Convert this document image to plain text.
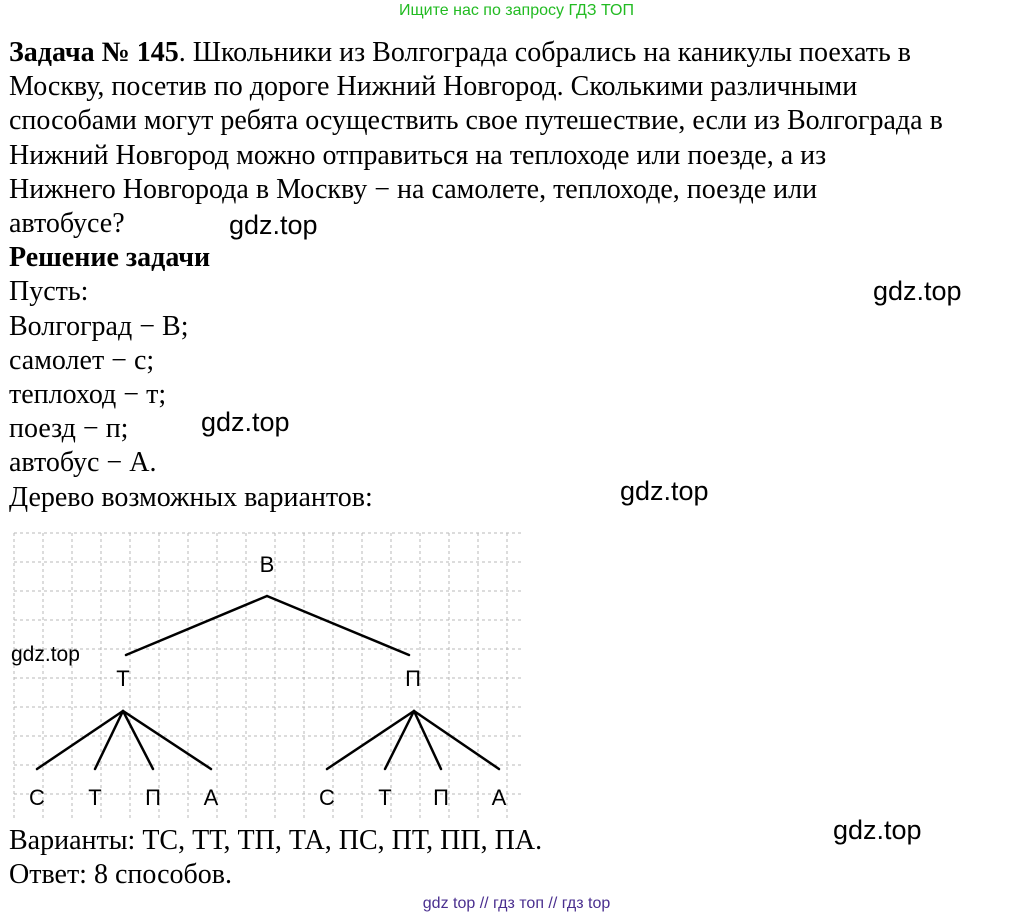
Ищите нас по запросу ГДЗ ТОП
Задача № 145. Школьники из Волгограда собрались на каникулы поехать в
Москву, посетив по дороге Нижний Новгород. Сколькими различными
способами могут ребята осуществить свое путешествие, если из Волгограда в
Нижний Новгород можно отправиться на теплоходе или поезде, а из
Нижнего Новгорода в Москву − на самолете, теплоходе, поезде или
автобусе?
Решение задачи
Пусть:
Волгоград − В;
самолет − с;
теплоход − т;
поезд − п;
автобус − А.
Дерево возможных вариантов:
gdz.top
gdz.top
gdz.top
gdz.top
gdz.top
В
Т	П
С Т П А	С Т П А
gdz.top
Варианты: ТС, ТТ, ТП, ТА, ПС, ПТ, ПП, ПА.
Ответ: 8 способов.
gdz top // гдз топ // гдз top
